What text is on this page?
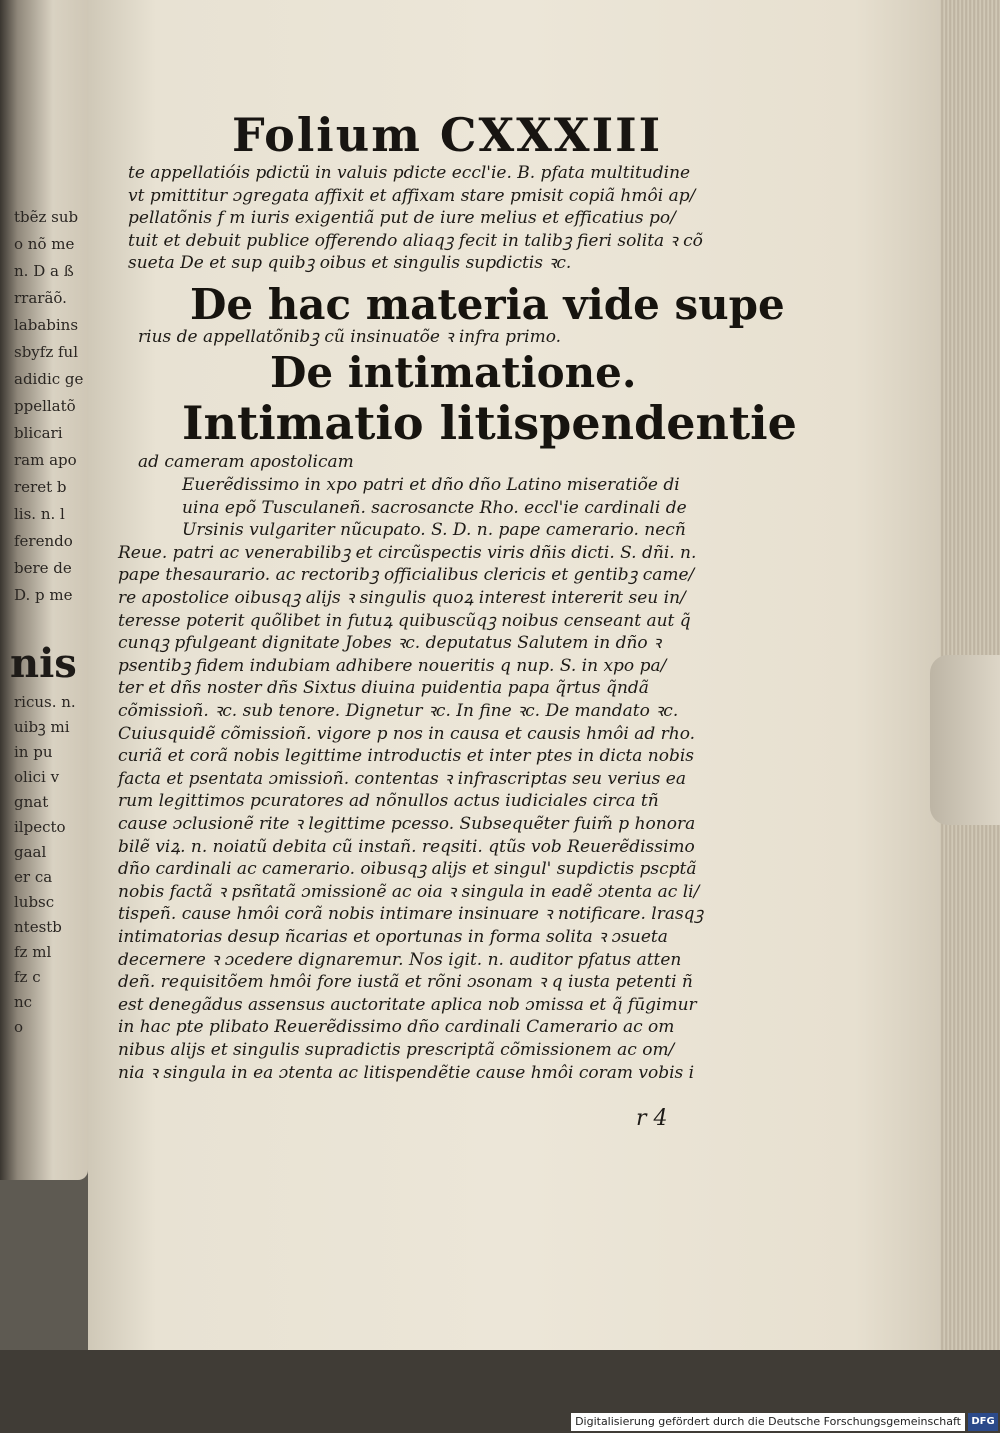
tbẽz sub
o nõ me
n. D a ß
rrarãõ.
lababins
sbyfz ful
adidic ge
ppellatõ
blicari
ram apo
reret b
lis. n. l
ferendo
bere de
D. p me
nis
ricus. n.
uibꝫ mi
in pu
olici v
gnat
ilpecto
gaal
er ca
lubsc
ntestb
fz ml
fz c
nc
o
Folium CXXXIII
te appellatióis pdictü in valuis pdicte eccl'ie. B. pfata multitudine
vt pmittitur ɔgregata affixit et affixam stare pmisit copiã hmôi ap/
pellatõnis f m iuris exigentiã put de iure melius et efficatius po/
tuit et debuit publice offerendo aliaqꝫ fecit in talibꝫ fieri solita ꝛ cõ
sueta De et sup quibꝫ oibus et singulis supdictis ꝛc.
De hac materia vide supe
rius de appellatõnibꝫ cũ insinuatõe ꝛ infra primo.
De intimatione.
Intimatio litispendentie
ad cameram apostolicam
Euerẽdissimo in xpo patri et dño dño Latino miseratiõe di
uina epõ Tusculaneñ. sacrosancte Rho. eccl'ie cardinali de
Ursinis vulgariter nũcupato. S. D. n. pape camerario. necñ
Reue. patri ac venerabilibꝫ et circũspectis viris dñis dicti. S. dñi. n.
pape thesaurario. ac rectoribꝫ officialibus clericis et gentibꝫ came/
re apostolice oibusqꝫ alijs ꝛ singulis quoꝝ interest intererit seu in/
teresse poterit quõlibet in futuꝝ quibuscũqꝫ noibus censeant aut q̃
cunqꝫ pfulgeant dignitate Jobes ꝛc. deputatus Salutem in dño ꝛ
psentibꝫ fidem indubiam adhibere noueritis q nup. S. in xpo pa/
ter et dñs noster dñs Sixtus diuina puidentia papa q̃rtus q̃ndã
cõmissioñ. ꝛc. sub tenore. Dignetur ꝛc. In fine ꝛc. De mandato ꝛc.
Cuiusquidẽ cõmissioñ. vigore p nos in causa et causis hmôi ad rho.
curiã et corã nobis legittime introductis et inter ptes in dicta nobis
facta et psentata ɔmissioñ. contentas ꝛ infrascriptas seu verius ea
rum legittimos pcuratores ad nõnullos actus iudiciales circa tñ
cause ɔclusionẽ rite ꝛ legittime pcesso. Subsequẽter fuim̃ p honora
bilẽ viꝝ. n. noiatũ debita cũ instañ. reqsiti. qtũs vob Reuerẽdissimo
dño cardinali ac camerario. oibusqꝫ alijs et singul' supdictis pscptã
nobis factã ꝛ psñtatã ɔmissionẽ ac oia ꝛ singula in eadẽ ɔtenta ac li/
tispeñ. cause hmôi corã nobis intimare insinuare ꝛ notificare. lrasqꝫ
intimatorias desup ñcarias et oportunas in forma solita ꝛ ɔsueta
decernere ꝛ ɔcedere dignaremur. Nos igit. n. auditor pfatus atten
deñ. requisitõem hmôi fore iustã et rõni ɔsonam ꝛ q iusta petenti ñ
est denegãdus assensus auctoritate aplica nob ɔmissa et q̃ fūgimur
in hac pte plibato Reuerẽdissimo dño cardinali Camerario ac om
nibus alijs et singulis supradictis prescriptã cõmissionem ac om/
nia ꝛ singula in ea ɔtenta ac litispendẽtie cause hmôi coram vobis i
r 4
Digitalisierung gefördert durch die Deutsche Forschungsgemeinschaft	DFG
